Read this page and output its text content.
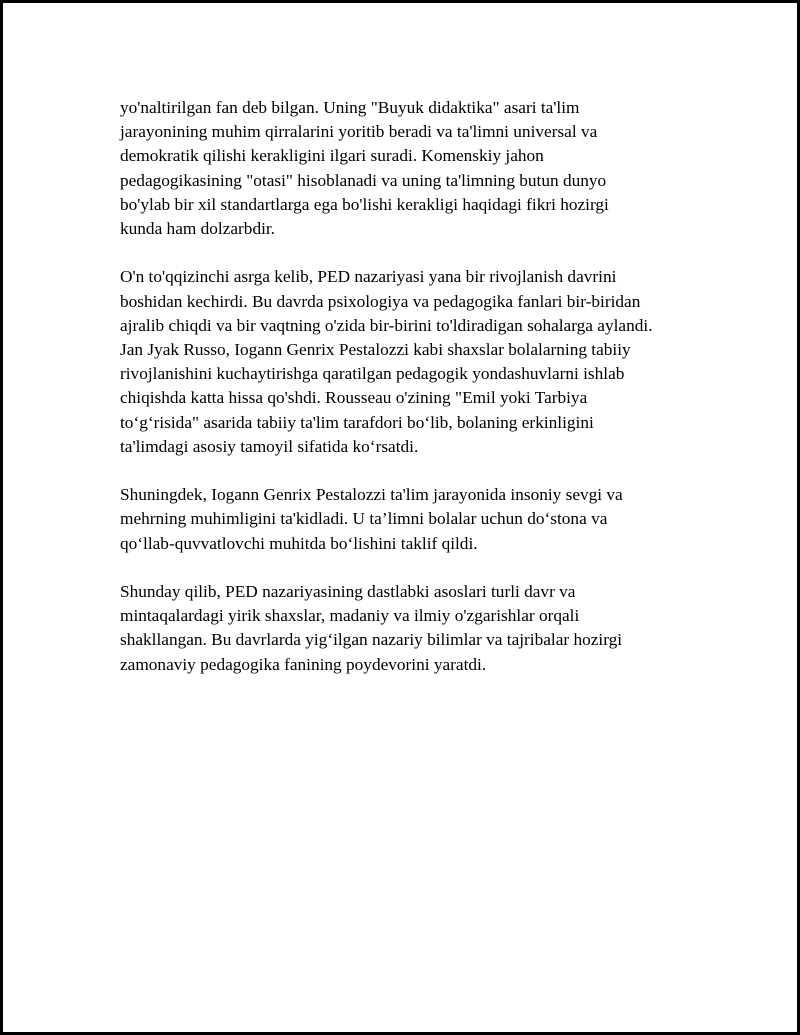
yo'naltirilgan fan deb bilgan. Uning "Buyuk didaktika" asari ta'lim
jarayonining muhim qirralarini yoritib beradi va ta'limni universal va
demokratik qilishi kerakligini ilgari suradi. Komenskiy jahon
pedagogikasining "otasi" hisoblanadi va uning ta'limning butun dunyo
bo'ylab bir xil standartlarga ega bo'lishi kerakligi haqidagi fikri hozirgi
kunda ham dolzarbdir.

O'n to'qqizinchi asrga kelib, PED nazariyasi yana bir rivojlanish davrini
boshidan kechirdi. Bu davrda psixologiya va pedagogika fanlari bir-biridan
ajralib chiqdi va bir vaqtning o'zida bir-birini to'ldiradigan sohalarga aylandi.
Jan Jyak Russo, Iogann Genrix Pestalozzi kabi shaxslar bolalarning tabiiy
rivojlanishini kuchaytirishga qaratilgan pedagogik yondashuvlarni ishlab
chiqishda katta hissa qo'shdi. Rousseau o'zining "Emil yoki Tarbiya
to‘g‘risida" asarida tabiiy ta'lim tarafdori bo‘lib, bolaning erkinligini
ta'limdagi asosiy tamoyil sifatida ko‘rsatdi.

Shuningdek, Iogann Genrix Pestalozzi ta'lim jarayonida insoniy sevgi va
mehrning muhimligini ta'kidladi. U ta’limni bolalar uchun do‘stona va
qo‘llab-quvvatlovchi muhitda bo‘lishini taklif qildi.

Shunday qilib, PED nazariyasining dastlabki asoslari turli davr va
mintaqalardagi yirik shaxslar, madaniy va ilmiy o'zgarishlar orqali
shakllangan. Bu davrlarda yig‘ilgan nazariy bilimlar va tajribalar hozirgi
zamonaviy pedagogika fanining poydevorini yaratdi.
